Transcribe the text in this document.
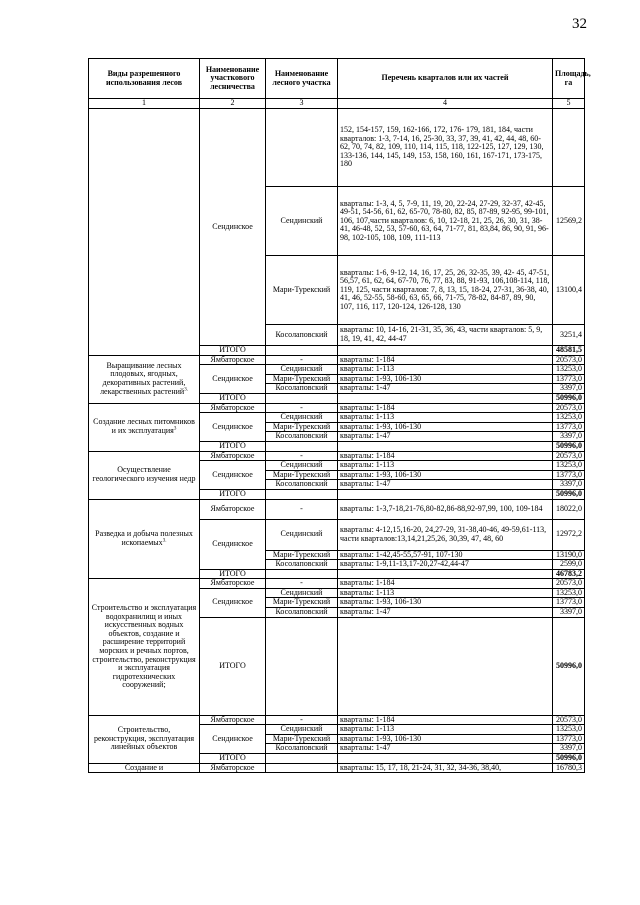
32
Виды разрешенного использования лесов	Наименование участкового лесничества	Наименование лесного участка	Перечень кварталов или их частей	Площадь, га
1	2	3	4	5
	Сендинское		152, 154-157, 159, 162-166, 172, 176- 179, 181, 184, части кварталов: 1-3, 7-14, 16, 25-30, 33, 37, 39, 41, 42, 44, 48, 60-62, 70, 74, 82, 109, 110, 114, 115, 118, 122-125, 127, 129, 130, 133-136, 144, 145, 149, 153, 158, 160, 161, 167-171, 173-175, 180	
		Сендинский	кварталы: 1-3, 4, 5, 7-9, 11, 19, 20, 22-24, 27-29, 32-37, 42-45, 49-51, 54-56, 61, 62, 65-70, 78-80, 82, 85, 87-89, 92-95, 99-101, 106, 107,части кварталов: 6, 10, 12-18, 21, 25, 26, 30, 31, 38-41, 46-48, 52, 53, 57-60, 63, 64, 71-77, 81, 83,84, 86, 90, 91, 96-98, 102-105, 108, 109, 111-113	12569,2
		Мари-Турекский	кварталы: 1-6, 9-12, 14, 16, 17, 25, 26, 32-35, 39, 42- 45, 47-51, 56,57, 61, 62, 64, 67-70, 76, 77, 83, 88, 91-93, 106,108-114, 118, 119, 125, части кварталов: 7, 8, 13, 15, 18-24, 27-31, 36-38, 40, 41, 46, 52-55, 58-60, 63, 65, 66, 71-75, 78-82, 84-87, 89, 90, 107, 116, 117, 120-124, 126-128, 130	13100,4
		Косолаповский	кварталы: 10, 14-16, 21-31, 35, 36, 43, части кварталов: 5, 9, 18, 19, 41, 42, 44-47	3251,4
	ИТОГО			48581,5
Выращивание лесных плодовых, ягодных, декоративных растений, лекарственных растений$^{3.}$	Ямбаторское	-	кварталы: 1-184	20573,0
	Сендинское	Сендинский	кварталы: 1-113	13253,0
		Мари-Турекский	кварталы: 1-93, 106-130	13773,0
		Косолаповский	кварталы: 1-47	3397,0
	ИТОГО			50996,0
Создание лесных питомников и их эксплуатация$^3$	Ямбаторское	-	кварталы: 1-184	20573,0
	Сендинское	Сендинский	кварталы: 1-113	13253,0
		Мари-Турекский	кварталы: 1-93, 106-130	13773,0
		Косолаповский	кварталы: 1-47	3397,0
	ИТОГО			50996,0
Осуществление геологического изучения недр	Ямбаторское	-	кварталы: 1-184	20573,0
	Сендинское	Сендинский	кварталы: 1-113	13253,0
		Мари-Турекский	кварталы: 1-93, 106-130	13773,0
		Косолаповский	кварталы: 1-47	3397,0
	ИТОГО			50996,0
Разведка и добыча полезных ископаемых$^{3.}$	Ямбаторское	-	кварталы: 1-3,7-18,21-76,80-82,86-88,92-97,99, 100, 109-184	18022,0
	Сендинское	Сендинский	кварталы: 4-12,15,16-20, 24,27-29, 31-38,40-46, 49-59,61-113, части кварталов:13,14,21,25,26, 30,39, 47, 48, 60	12972,2
		Мари-Турекский	кварталы: 1-42,45-55,57-91, 107-130	13190,0
		Косолаповский	кварталы: 1-9,11-13,17-20,27-42,44-47	2599,0
	ИТОГО			46783,2
Строительство и эксплуатация водохранилищ и иных искусственных водных объектов, создание и расширение территорий морских и речных портов, строительство, реконструкция и эксплуатация гидротехнических сооружений;	Ямбаторское	-	кварталы: 1-184	20573,0
	Сендинское	Сендинский	кварталы: 1-113	13253,0
		Мари-Турекский	кварталы: 1-93, 106-130	13773,0
		Косолаповский	кварталы: 1-47	3397,0
	ИТОГО			50996,0
Строительство, реконструкция, эксплуатация линейных объектов	Ямбаторское	-	кварталы: 1-184	20573,0
	Сендинское	Сендинский	кварталы: 1-113	13253,0
		Мари-Турекский	кварталы: 1-93, 106-130	13773,0
		Косолаповский	кварталы: 1-47	3397,0
	ИТОГО			50996,0
Создание и	Ямбаторское		кварталы: 15, 17, 18, 21-24, 31, 32, 34-36, 38,40,	16780,3
